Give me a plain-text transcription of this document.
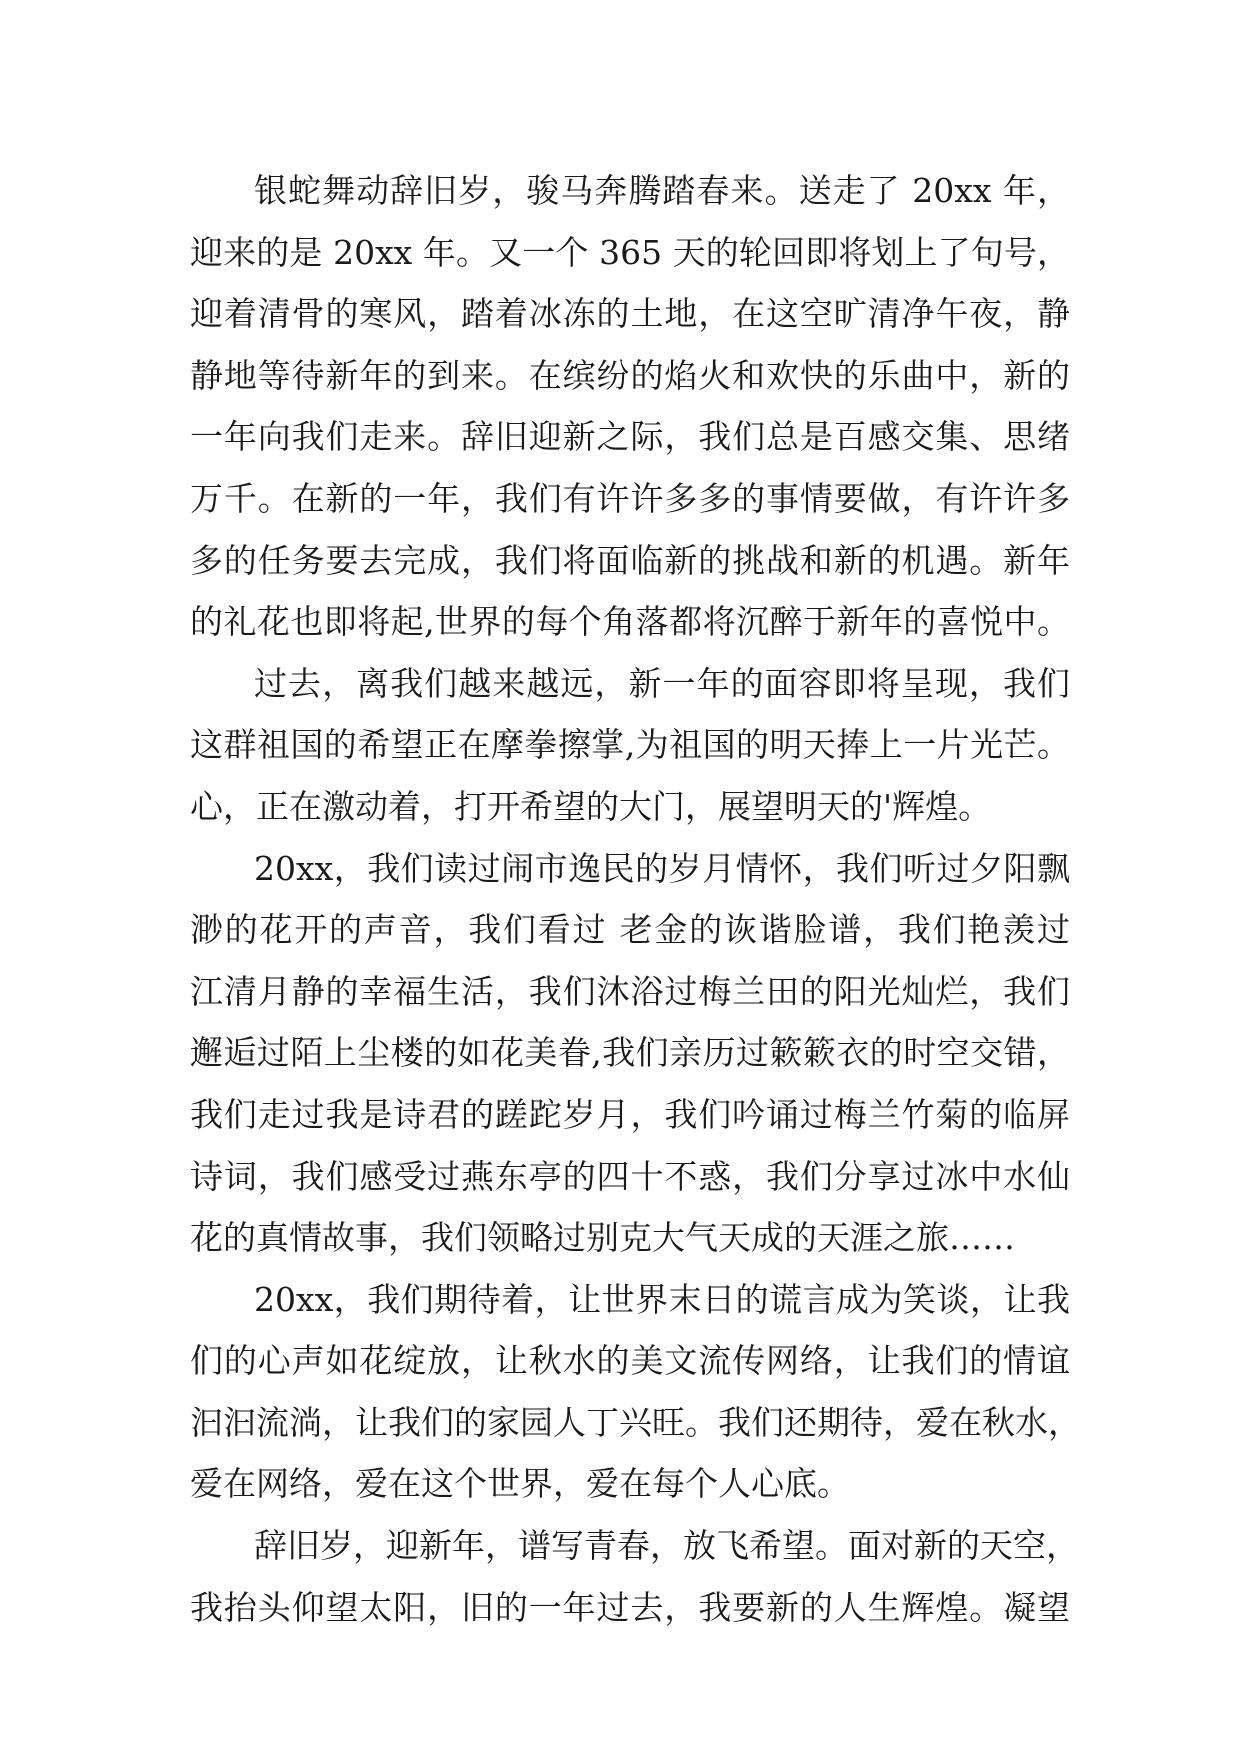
银蛇舞动辞旧岁，骏马奔腾踏春来。送走了 20xx 年，
迎来的是 20xx 年。又一个 365 天的轮回即将划上了句号，
迎着清骨的寒风，踏着冰冻的土地，在这空旷清净午夜，静
静地等待新年的到来。在缤纷的焰火和欢快的乐曲中，新的
一年向我们走来。辞旧迎新之际，我们总是百感交集、思绪
万千。在新的一年，我们有许许多多的事情要做，有许许多
多的任务要去完成，我们将面临新的挑战和新的机遇。新年
的礼花也即将起,世界的每个角落都将沉醉于新年的喜悦中。
过去，离我们越来越远，新一年的面容即将呈现，我们
这群祖国的希望正在摩拳擦掌,为祖国的明天捧上一片光芒。
心，正在激动着，打开希望的大门，展望明天的'辉煌。
20xx，我们读过闹市逸民的岁月情怀，我们听过夕阳飘
渺的花开的声音，我们看过 老金的诙谐脸谱，我们艳羡过
江清月静的幸福生活，我们沐浴过梅兰田的阳光灿烂，我们
邂逅过陌上尘楼的如花美眷,我们亲历过簌簌衣的时空交错，
我们走过我是诗君的蹉跎岁月，我们吟诵过梅兰竹菊的临屏
诗词，我们感受过燕东亭的四十不惑，我们分享过冰中水仙
花的真情故事，我们领略过别克大气天成的天涯之旅……
20xx，我们期待着，让世界末日的谎言成为笑谈，让我
们的心声如花绽放，让秋水的美文流传网络，让我们的情谊
汩汩流淌，让我们的家园人丁兴旺。我们还期待，爱在秋水，
爱在网络，爱在这个世界，爱在每个人心底。
辞旧岁，迎新年，谱写青春，放飞希望。面对新的天空，
我抬头仰望太阳，旧的一年过去，我要新的人生辉煌。凝望
